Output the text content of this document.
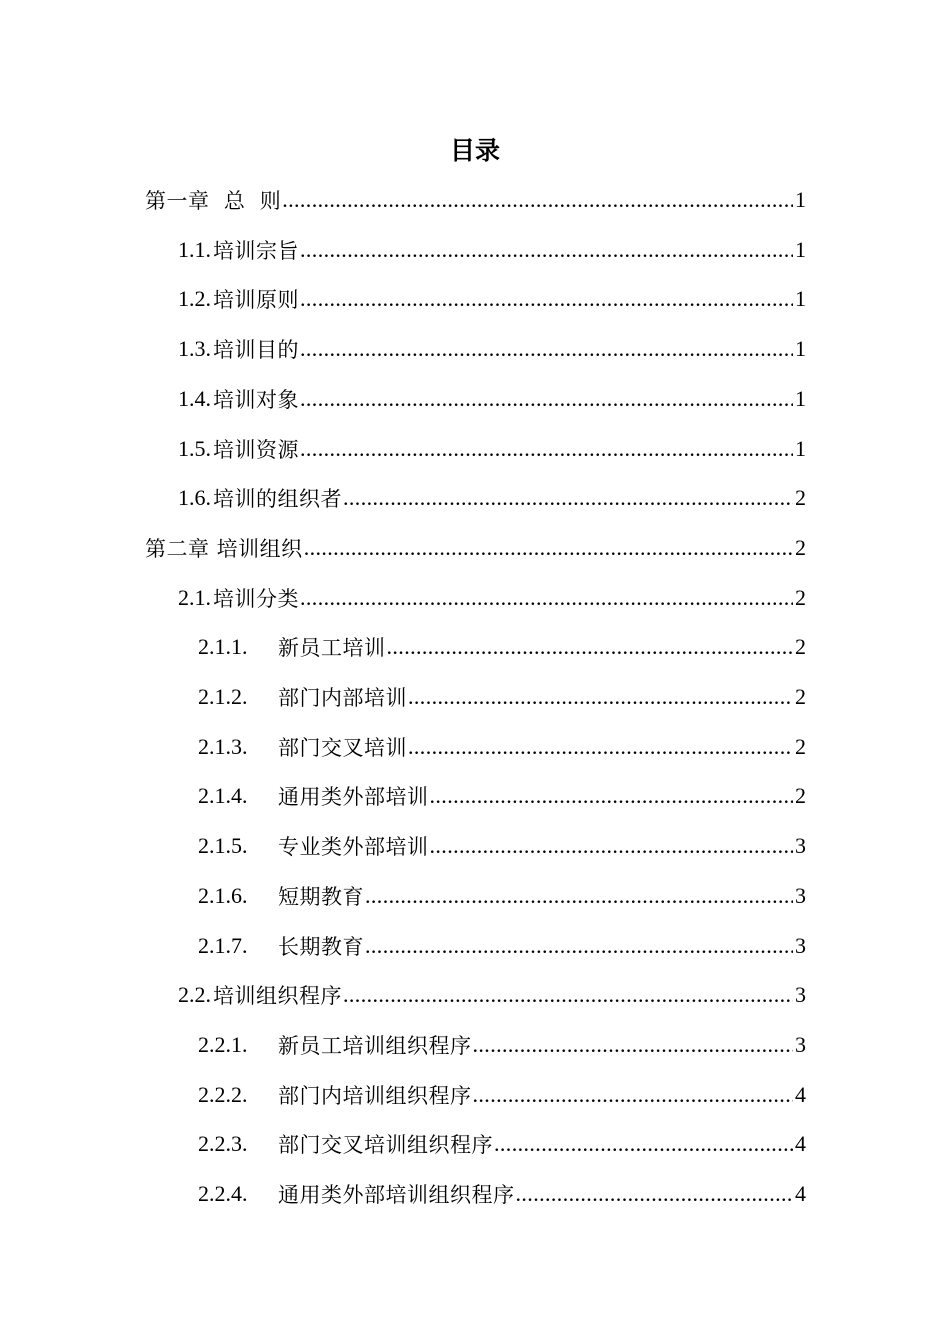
目录
第一章  总  则 .....	1
1.1. 培训宗旨 .....	1
1.2. 培训原则 .....	1
1.3. 培训目的 .....	1
1.4. 培训对象 .....	1
1.5. 培训资源 .....	1
1.6. 培训的组织者 .....	2
第二章 培训组织 .....	2
2.1. 培训分类 .....	2
2.1.1.	新员工培训 .....	2
2.1.2.	部门内部培训 .....	2
2.1.3.	部门交叉培训 .....	2
2.1.4.	通用类外部培训 .....	2
2.1.5.	专业类外部培训 .....	3
2.1.6.	短期教育 .....	3
2.1.7.	长期教育 .....	3
2.2. 培训组织程序 .....	3
2.2.1.	新员工培训组织程序 .....	3
2.2.2.	部门内培训组织程序 .....	4
2.2.3.	部门交叉培训组织程序 .....	4
2.2.4.	通用类外部培训组织程序 .....	4
